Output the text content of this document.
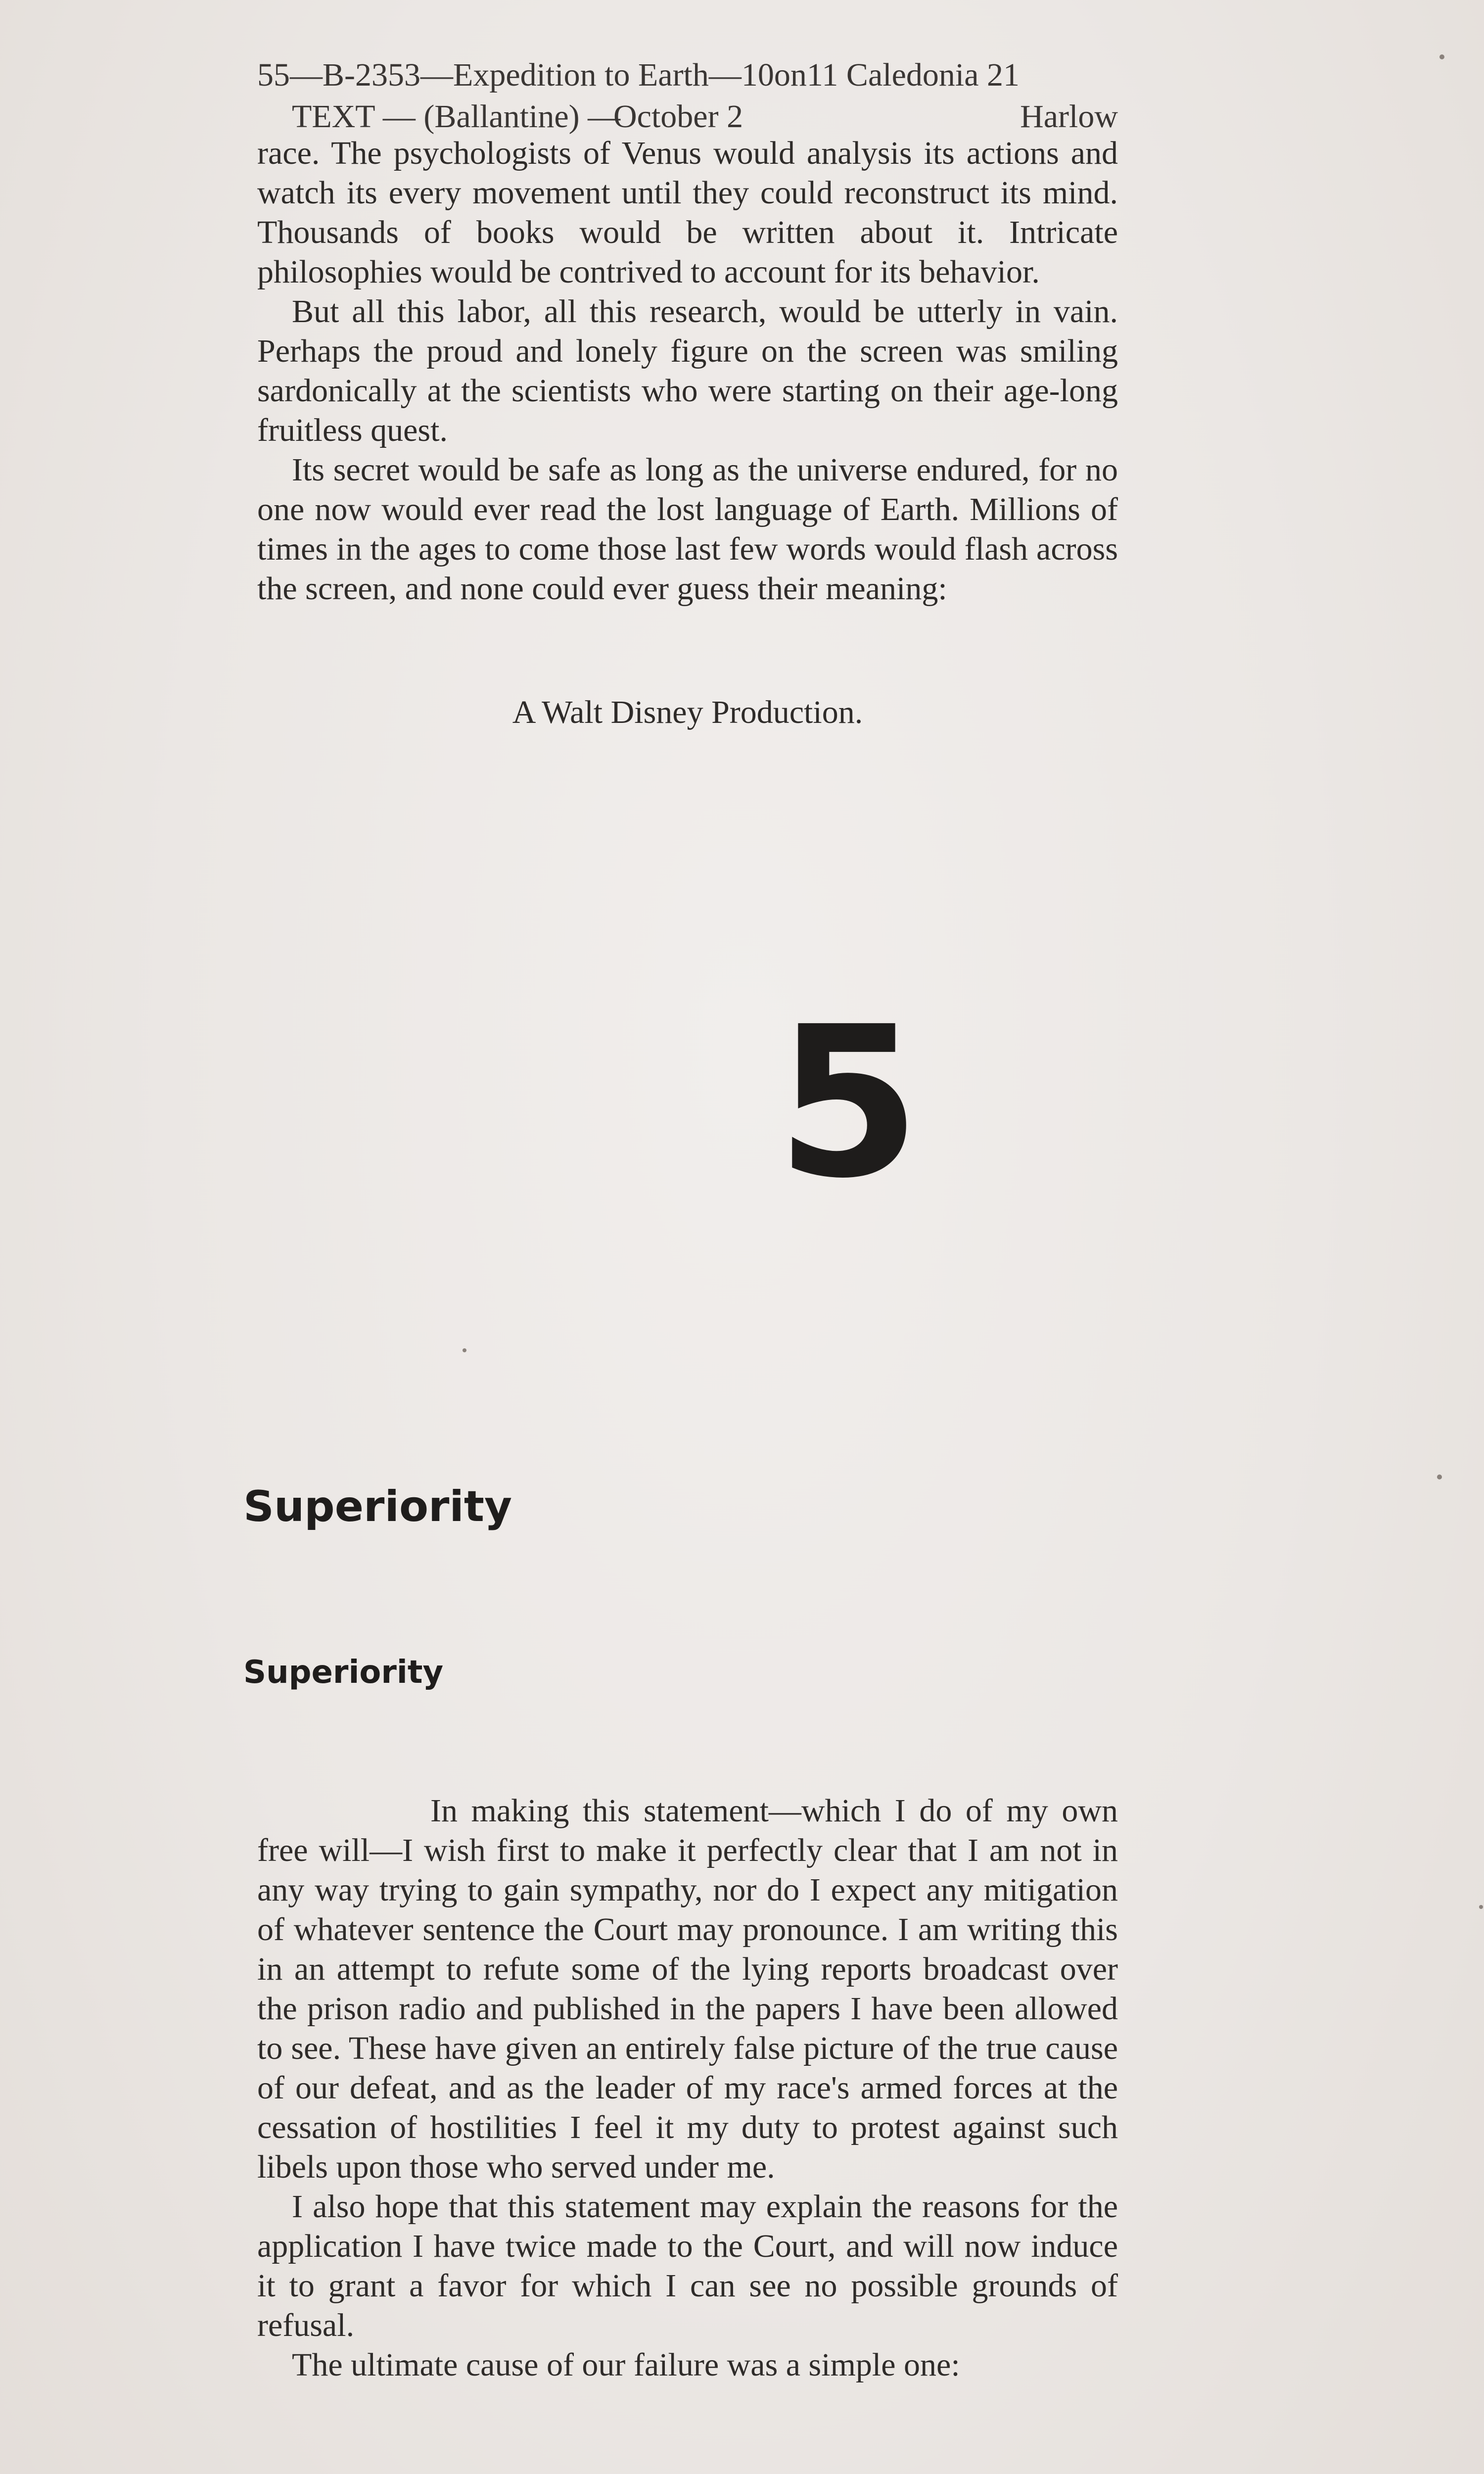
55—B-2353—Expedition to Earth—10on11 Caledonia 21
TEXT — (Ballantine) —
October 2	Harlow

race. The psychologists of Venus would analysis its actions and watch its every movement until they could reconstruct its mind. Thousands of books would be written about it. Intricate philosophies would be contrived to account for its behavior.

But all this labor, all this research, would be utterly in vain. Perhaps the proud and lonely figure on the screen was smiling sardonically at the scientists who were starting on their age-long fruitless quest.

Its secret would be safe as long as the universe endured, for no one now would ever read the lost language of Earth. Millions of times in the ages to come those last few words would flash across the screen, and none could ever guess their meaning:

A Walt Disney Production.
5
Superiority
Superiority

In making this statement—which I do of my own free will—I wish first to make it perfectly clear that I am not in any way trying to gain sympathy, nor do I expect any mitigation of whatever sentence the Court may pronounce. I am writing this in an attempt to refute some of the lying reports broadcast over the prison radio and published in the papers I have been allowed to see. These have given an entirely false picture of the true cause of our defeat, and as the leader of my race's armed forces at the cessation of hostilities I feel it my duty to protest against such libels upon those who served under me.

I also hope that this statement may explain the reasons for the application I have twice made to the Court, and will now induce it to grant a favor for which I can see no possible grounds of refusal.

The ultimate cause of our failure was a simple one:
